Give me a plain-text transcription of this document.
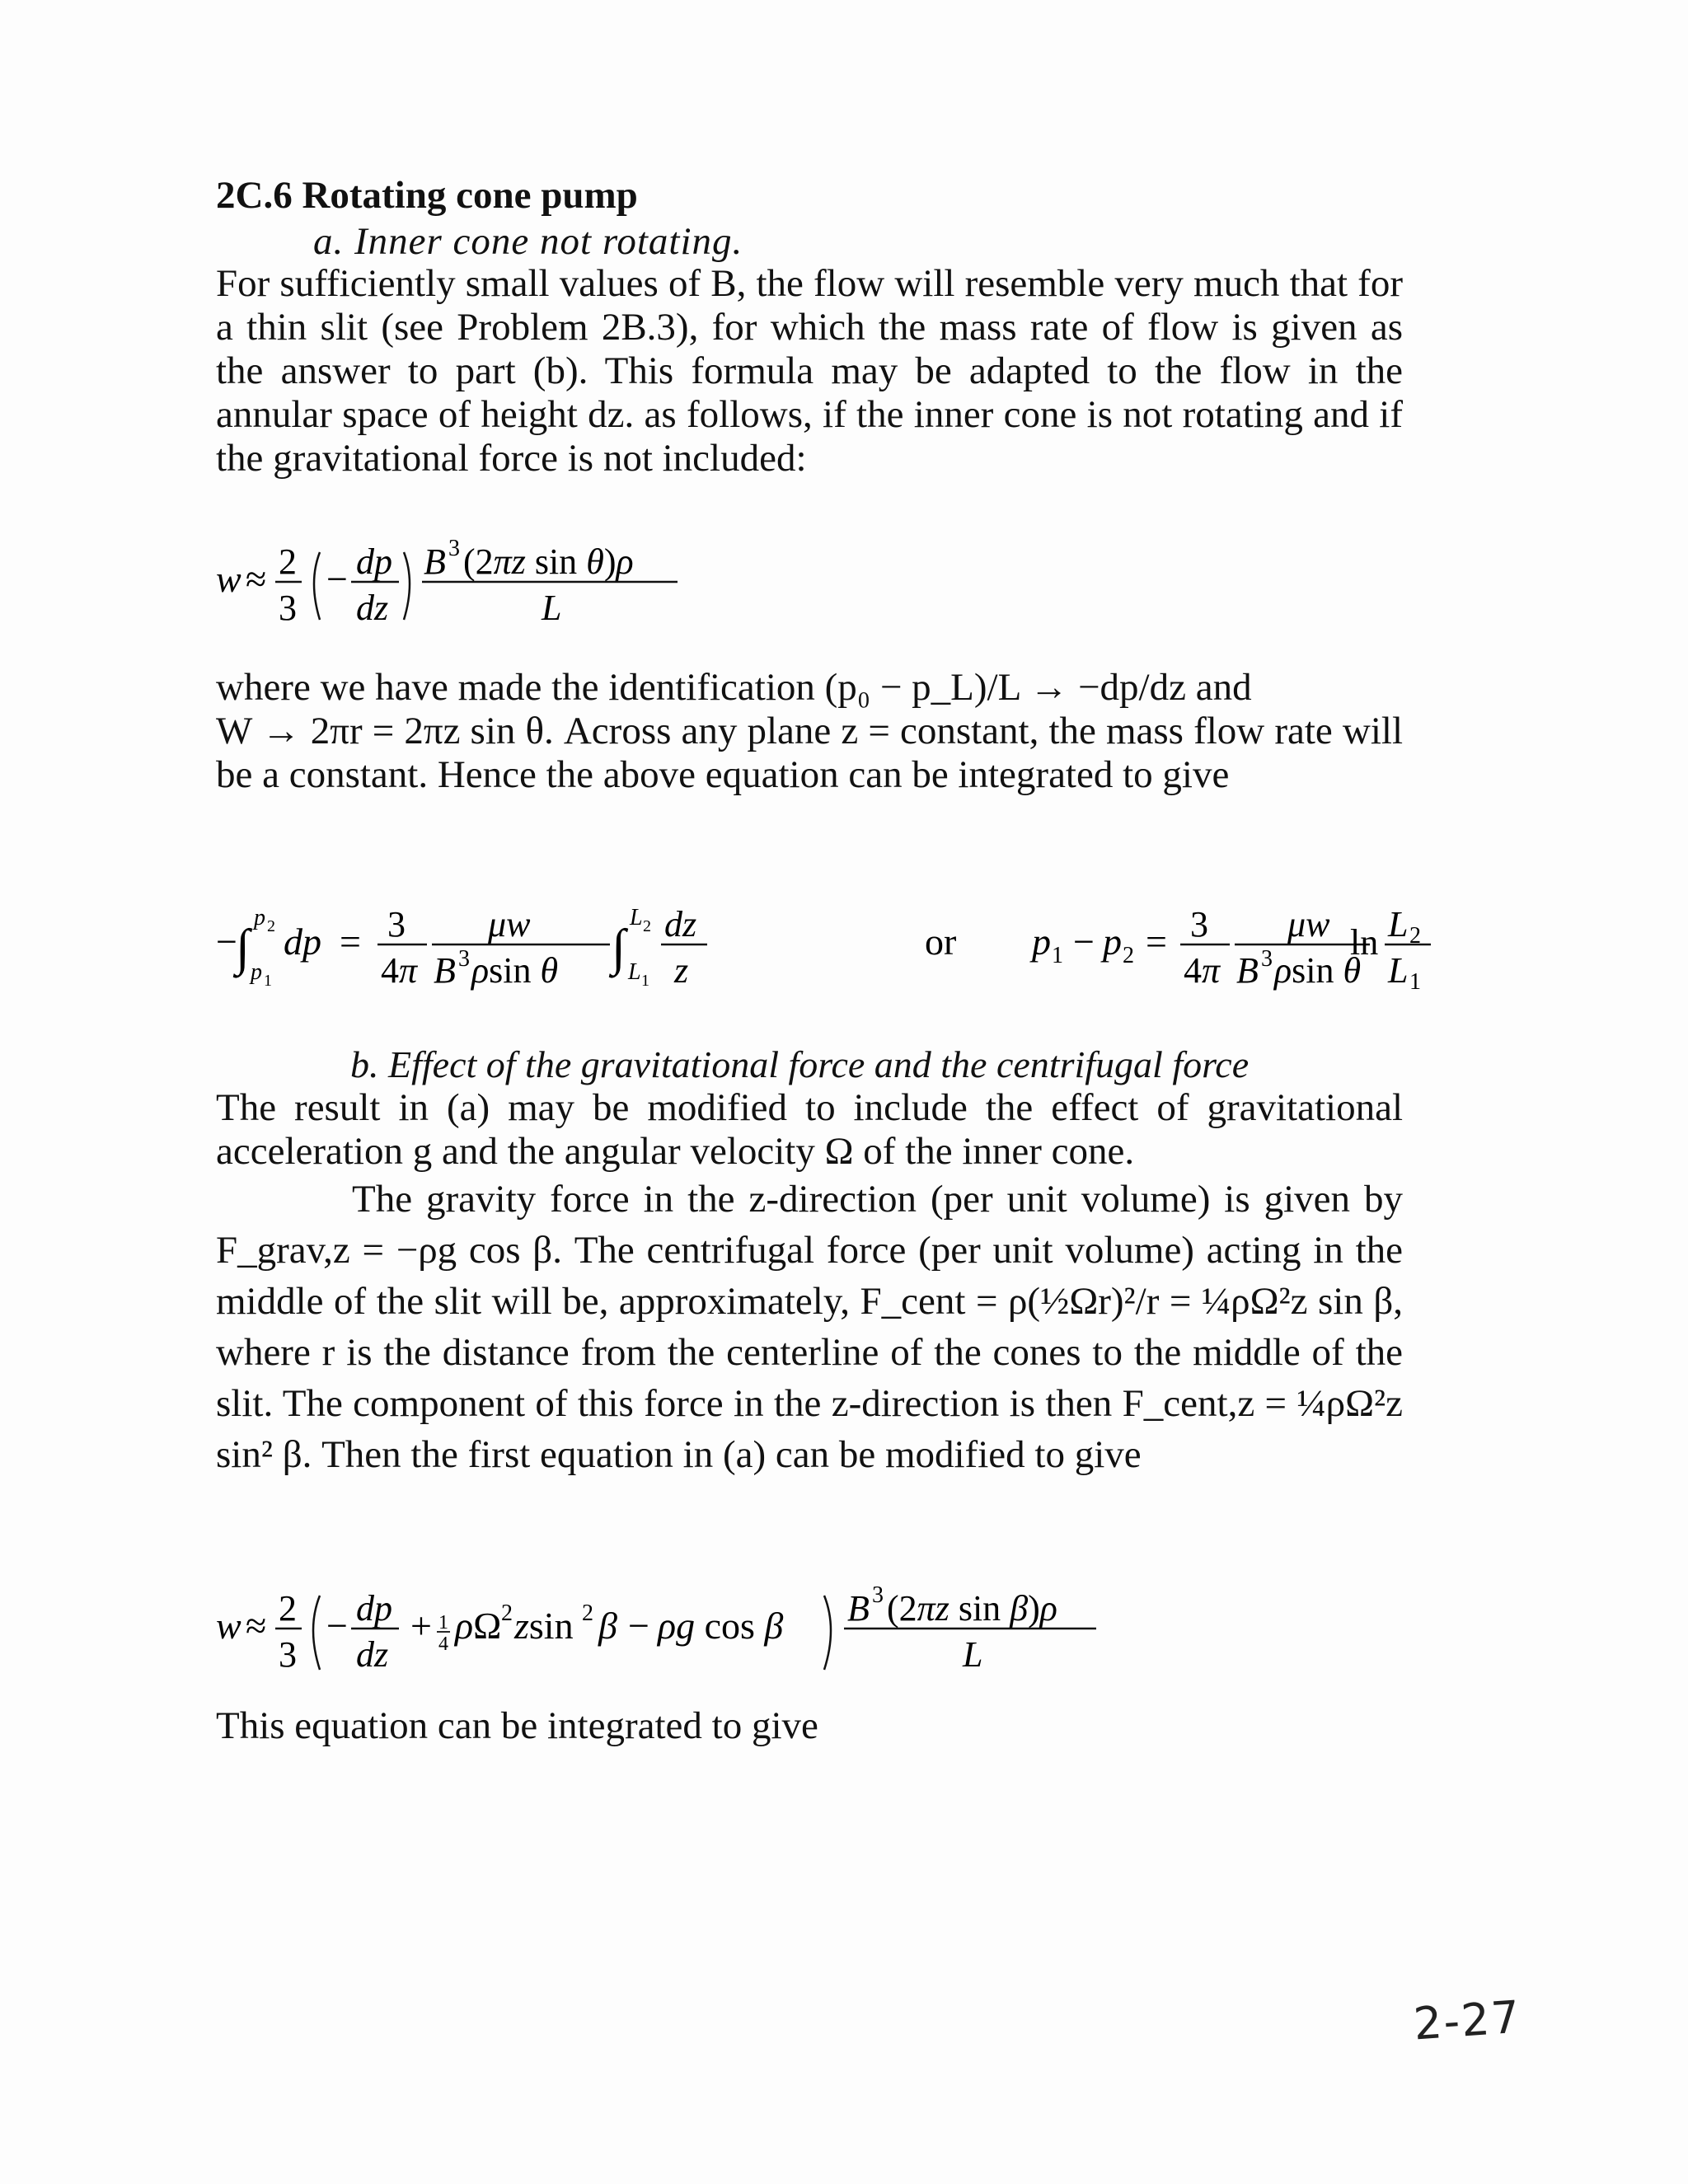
2C.6 Rotating cone pump
a. Inner cone not rotating.

For sufficiently small values of B, the flow will resemble very much that for a thin slit (see Problem 2B.3), for which the mass rate of flow is given as the answer to part (b). This formula may be adapted to the flow in the annular space of height dz. as follows, if the inner cone is not rotating and if the gravitational force is not included:

w ≈ 2
3
− dp
dz
B 3 (2πz sin θ)ρ
L

where we have made the identification (p₀ − p_L)/L → −dp/dz and

W → 2πr = 2πz sin θ. Across any plane z = constant, the mass flow rate will be a constant. Hence the above equation can be integrated to give

−
∫
p 2
p 1
dp = 3
4π
μw
B 3 ρsin θ ∫
L 2
L 1
dz
z
or p 1 − p 2 = 3
4π
μw
B 3 ρsin θ
ln L 2
L 1
b. Effect of the gravitational force and the centrifugal force

The result in (a) may be modified to include the effect of gravitational acceleration g and the angular velocity Ω of the inner cone.

The gravity force in the z-direction (per unit volume) is given by F_grav,z = −ρg cos β. The centrifugal force (per unit volume) acting in the middle of the slit will be, approximately, F_cent = ρ(½Ωr)²/r = ¼ρΩ²z sin β, where r is the distance from the centerline of the cones to the middle of the slit. The component of this force in the z-direction is then F_cent,z = ¼ρΩ²z sin² β. Then the first equation in (a) can be modified to give

w ≈ 2
3
− dp
dz
+ 1
4 ρΩ 2 zsin 2 β − ρg cos β B 3 (2πz sin β)ρ
L

This equation can be integrated to give

2-27
